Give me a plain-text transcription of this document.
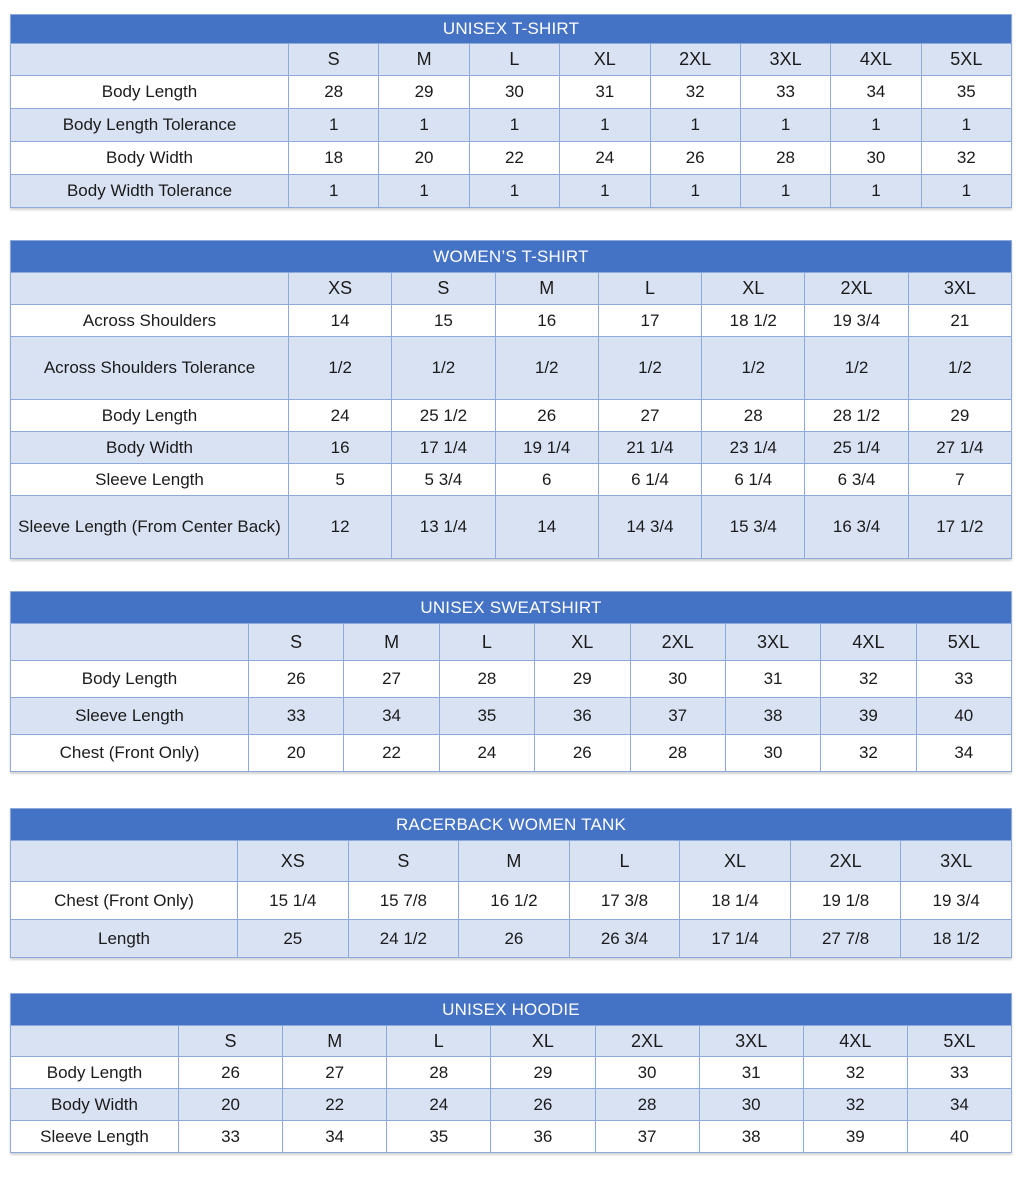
UNISEX T-SHIRT								
	S	M	L	XL	2XL	3XL	4XL	5XL
Body Length	28	29	30	31	32	33	34	35
Body Length Tolerance	1	1	1	1	1	1	1	1
Body Width	18	20	22	24	26	28	30	32
Body Width Tolerance	1	1	1	1	1	1	1	1
WOMEN’S T-SHIRT							
	XS	S	M	L	XL	2XL	3XL
Across Shoulders	14	15	16	17	18 1/2	19 3/4	21
Across Shoulders Tolerance	1/2	1/2	1/2	1/2	1/2	1/2	1/2
Body Length	24	25 1/2	26	27	28	28 1/2	29
Body Width	16	17 1/4	19 1/4	21 1/4	23 1/4	25 1/4	27 1/4
Sleeve Length	5	5 3/4	6	6 1/4	6 1/4	6 3/4	7
Sleeve Length (From Center Back)	12	13 1/4	14	14 3/4	15 3/4	16 3/4	17 1/2
UNISEX SWEATSHIRT								
	S	M	L	XL	2XL	3XL	4XL	5XL
Body Length	26	27	28	29	30	31	32	33
Sleeve Length	33	34	35	36	37	38	39	40
Chest (Front Only)	20	22	24	26	28	30	32	34
RACERBACK WOMEN TANK							
	XS	S	M	L	XL	2XL	3XL
Chest (Front Only)	15 1/4	15 7/8	16 1/2	17 3/8	18 1/4	19 1/8	19 3/4
Length	25	24 1/2	26	26 3/4	17 1/4	27 7/8	18 1/2
UNISEX HOODIE								
	S	M	L	XL	2XL	3XL	4XL	5XL
Body Length	26	27	28	29	30	31	32	33
Body Width	20	22	24	26	28	30	32	34
Sleeve Length	33	34	35	36	37	38	39	40
